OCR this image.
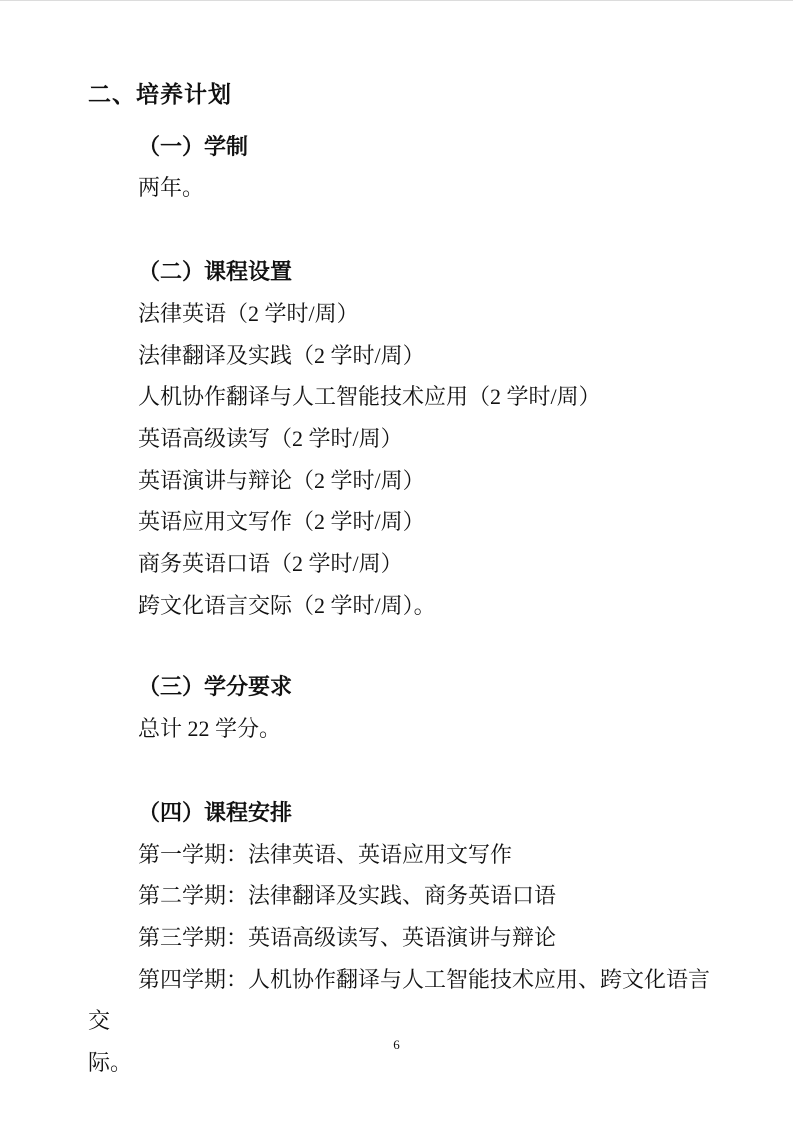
二、培养计划
（一）学制

两年。

（二）课程设置

法律英语（2 学时/周）

法律翻译及实践（2 学时/周）

人机协作翻译与人工智能技术应用（2 学时/周）

英语高级读写（2 学时/周）

英语演讲与辩论（2 学时/周）

英语应用文写作（2 学时/周）

商务英语口语（2 学时/周）

跨文化语言交际（2 学时/周）。

（三）学分要求

总计 22 学分。

（四）课程安排

第一学期：法律英语、英语应用文写作

第二学期：法律翻译及实践、商务英语口语

第三学期：英语高级读写、英语演讲与辩论

第四学期：人机协作翻译与人工智能技术应用、跨文化语言交

际。

6
